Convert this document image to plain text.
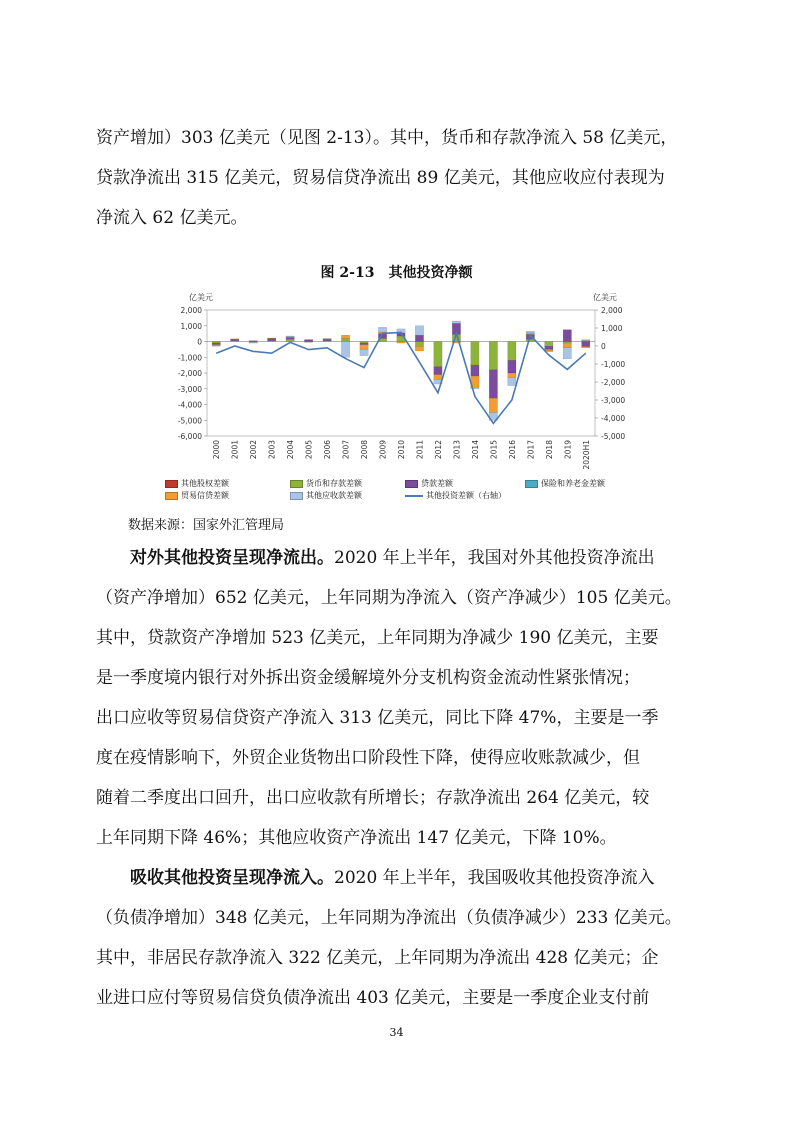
资产增加）303 亿美元（见图 2-13）。其中，货币和存款净流入 58 亿美元，
贷款净流出 315 亿美元，贸易信贷净流出 89 亿美元，其他应收应付表现为
净流入 62 亿美元。
图 2-13　其他投资净额
亿美元	亿美元
2,000
1,000
0
-1,000
-2,000
-3,000
-4,000
-5,000
-6,000
2,000
1,000
0
-1,000
-2,000
-3,000
-4,000
-5,000
2000 2001 2002 2003 2004 2005 2006 2007 2008 2009 2010 2011 2012 2013 2014 2015 2016 2017 2018 2019 2020H1
其他股权差额	货币和存款差额	贷款差额	保险和养老金差额
贸易信贷差额	其他应收款差额	其他投资差额（右轴）
数据来源：国家外汇管理局
对外其他投资呈现净流出。2020 年上半年，我国对外其他投资净流出
（资产净增加）652 亿美元，上年同期为净流入（资产净减少）105 亿美元。
其中，贷款资产净增加 523 亿美元，上年同期为净减少 190 亿美元，主要
是一季度境内银行对外拆出资金缓解境外分支机构资金流动性紧张情况；
出口应收等贸易信贷资产净流入 313 亿美元，同比下降 47%，主要是一季
度在疫情影响下，外贸企业货物出口阶段性下降，使得应收账款减少，但
随着二季度出口回升，出口应收款有所增长；存款净流出 264 亿美元，较
上年同期下降 46%；其他应收资产净流出 147 亿美元，下降 10%。
吸收其他投资呈现净流入。2020 年上半年，我国吸收其他投资净流入
（负债净增加）348 亿美元，上年同期为净流出（负债净减少）233 亿美元。
其中，非居民存款净流入 322 亿美元，上年同期为净流出 428 亿美元；企
业进口应付等贸易信贷负债净流出 403 亿美元，主要是一季度企业支付前
34
